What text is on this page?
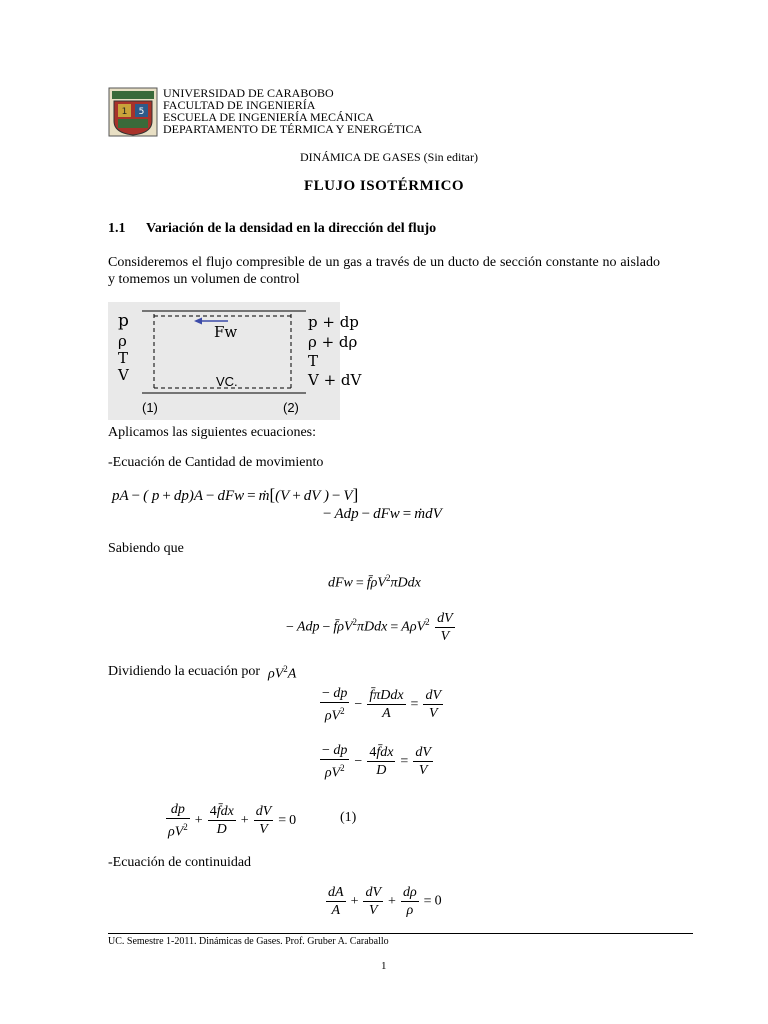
1 5
UNIVERSIDAD DE CARABOBO
FACULTAD DE INGENIERÍA
ESCUELA DE INGENIERÍA MECÁNICA
DEPARTAMENTO DE TÉRMICA Y ENERGÉTICA
DINÁMICA DE GASES (Sin editar)
FLUJO ISOTÉRMICO
1.1 Variación de la densidad en la dirección del flujo
Consideremos el flujo compresible de un gas a través de un ducto de sección constante no aislado y tomemos un volumen de control
p
ρ
T
V
p + dp
ρ + dρ
T
V + dV
Fw
VC.
(1)	(2)
Aplicamos las siguientes ecuaciones:
-Ecuación de Cantidad de movimiento
pA − ( p + dp)A − dFw = ṁ[(V + dV ) − V]
− Adp − dFw = ṁdV
Sabiendo que
dFw = $f̄\rho V^2\pi Ddx$
− Adp − $f̄\rho V^2\pi Ddx = A\rho V^2 \frac{dV}{V}$
Dividiendo la ecuación por $\rho V^2A$
$\frac{- dp}{\rho V^2} - \frac{\text{f̄πDdx}}{A} = \frac{dV}{V}$
$\frac{- dp}{\rho V^2} - \frac{4f̄dx}{D} = \frac{dV}{V}$
$\frac{dp}{\rho V^2} + \frac{4f̄dx}{D} + \frac{dV}{V} = 0$	(1)
-Ecuación de continuidad
$\frac{dA}{A} + \frac{dV}{V} + \frac{d\rho}{\rho} = 0$
UC. Semestre 1-2011. Dinámicas de Gases. Prof. Gruber A. Caraballo
1
